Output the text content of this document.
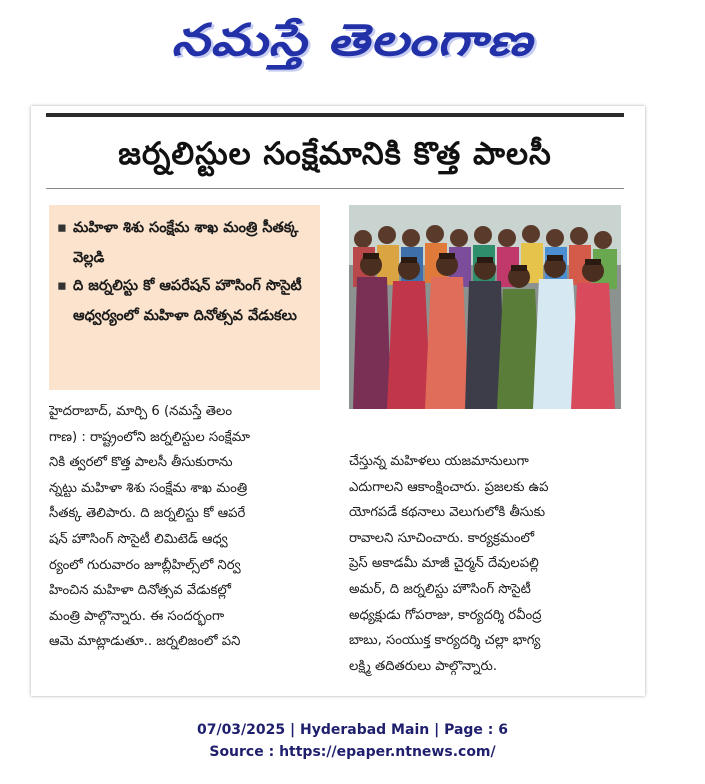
నమస్తే తెలంగాణ
జర్నలిస్టుల సంక్షేమానికి కొత్త పాలసీ
▪ మహిళా శిశు సంక్షేమ శాఖ మంత్రి సీతక్క వెల్లడి
▪ ది జర్నలిస్టు కో ఆపరేషన్ హౌసింగ్ సొసైటీ ఆధ్వర్యంలో మహిళా దినోత్సవ వేడుకలు
హైదరాబాద్, మార్చి 6 (నమస్తే తెలం
గాణ) : రాష్ట్రంలోని జర్నలిస్టుల సంక్షేమా
నికి త్వరలో కొత్త పాలసీ తీసుకురాను
న్నట్టు మహిళా శిశు సంక్షేమ శాఖ మంత్రి
సీతక్క తెలిపారు. ది జర్నలిస్టు కో ఆపరే
షన్ హౌసింగ్ సొసైటీ లిమిటెడ్ ఆధ్వ
ర్యంలో గురువారం జూబ్లీహిల్స్‌లో నిర్వ
హించిన మహిళా దినోత్సవ వేడుకల్లో
మంత్రి పాల్గొన్నారు. ఈ సందర్భంగా
ఆమె మాట్లాడుతూ.. జర్నలిజంలో పని
చేస్తున్న మహిళలు యజమానులుగా
ఎదుగాలని ఆకాంక్షించారు. ప్రజలకు ఉప
యోగపడే కథనాలు వెలుగులోకి తీసుకు
రావాలని సూచించారు. కార్యక్రమంలో
ప్రెస్ అకాడమీ మాజీ చైర్మన్ దేవులపల్లి
అమర్, ది జర్నలిస్టు హౌసింగ్ సొసైటీ
అధ్యక్షుడు గోపరాజు, కార్యదర్శి రవీంద్ర
బాబు, సంయుక్త కార్యదర్శి చల్లా భాగ్య
లక్ష్మి తదితరులు పాల్గొన్నారు.
07/03/2025 | Hyderabad Main | Page : 6
Source : https://epaper.ntnews.com/
